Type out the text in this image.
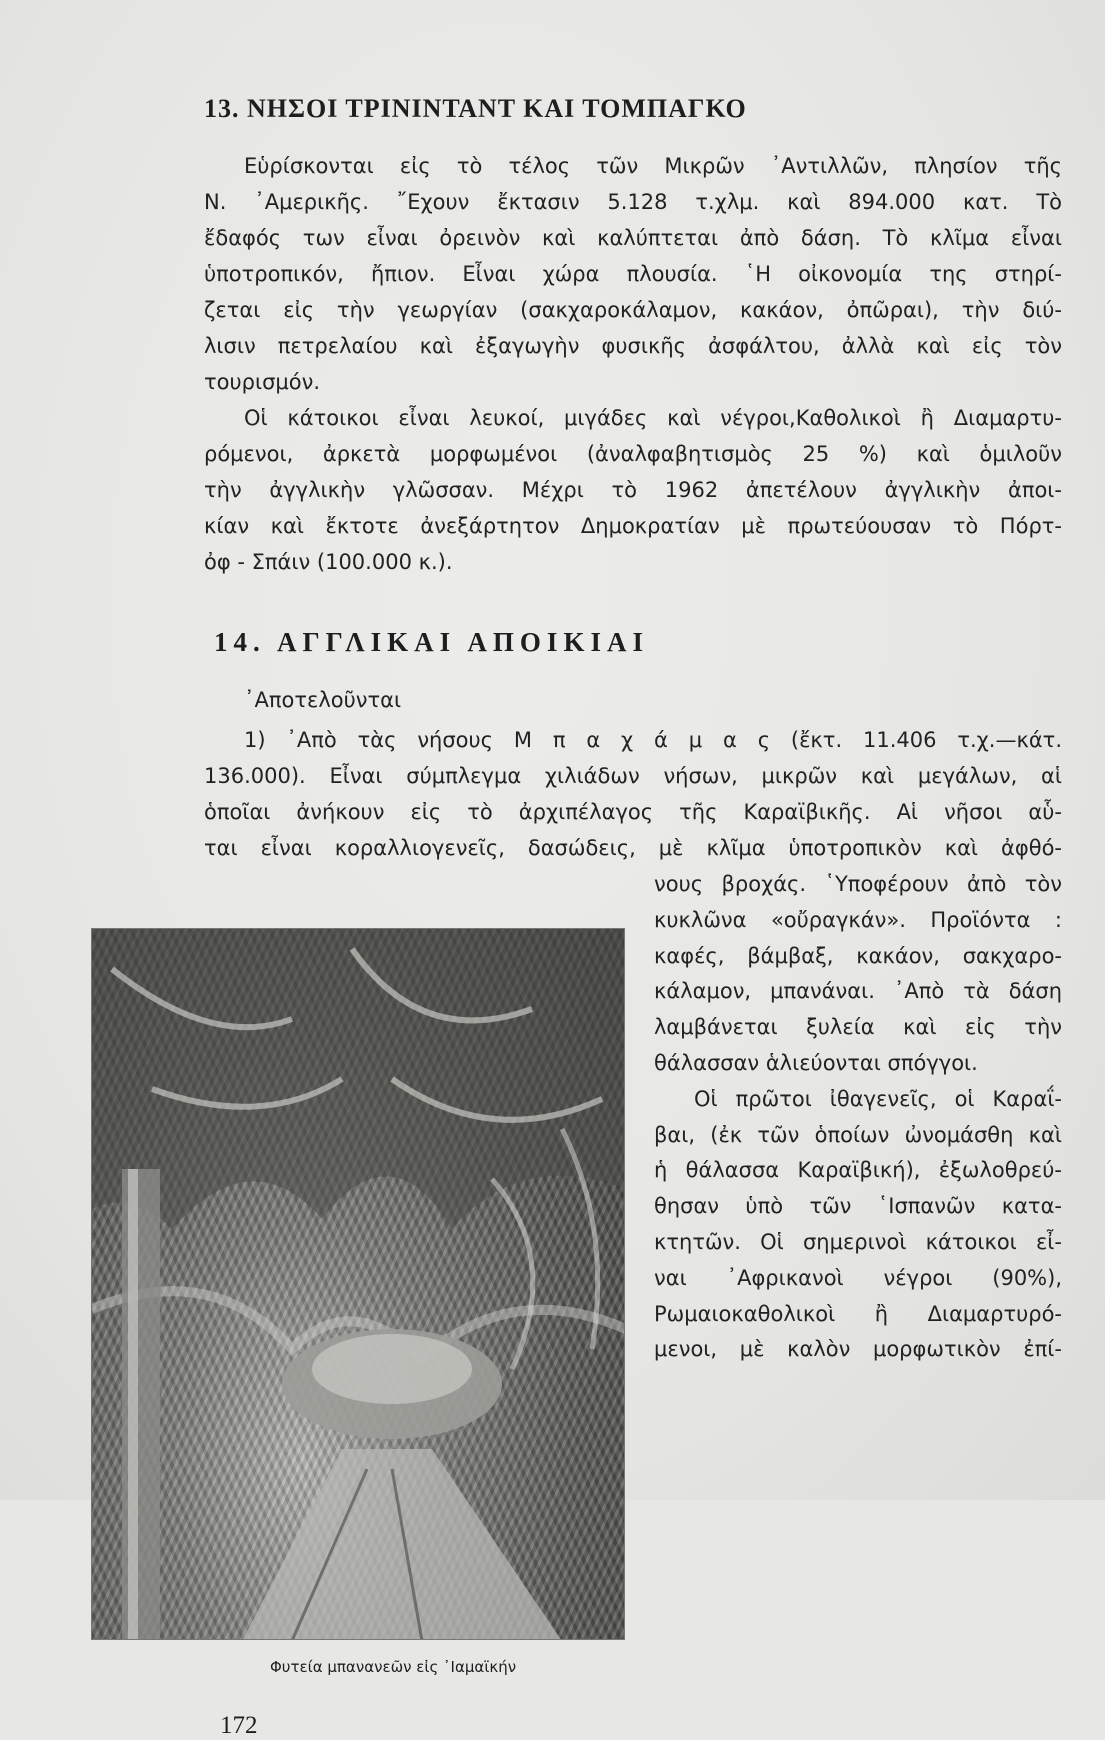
13. ΝΗΣΟΙ ΤΡΙΝΙΝΤΑΝΤ ΚΑΙ ΤΟΜΠΑΓΚΟ
Εὑρίσκονται εἰς τὸ τέλος τῶν Μικρῶν ᾿Αντιλλῶν, πλησίον τῆς
Ν. ᾿Αμερικῆς. ῎Εχουν ἔκτασιν 5.128 τ.χλμ. καὶ 894.000 κατ. Τὸ
ἔδαφός των εἶναι ὀρεινὸν καὶ καλύπτεται ἀπὸ δάση. Τὸ κλῖμα εἶναι
ὑποτροπικόν, ἤπιον. Εἶναι χώρα πλουσία. ῾Η οἰκονομία της στηρί-
ζεται εἰς τὴν γεωργίαν (σακχαροκάλαμον, κακάον, ὀπῶραι), τὴν διύ-
λισιν πετρελαίου καὶ ἐξαγωγὴν φυσικῆς ἀσφάλτου, ἀλλὰ καὶ εἰς τὸν
τουρισμόν.
Οἱ κάτοικοι εἶναι λευκοί, μιγάδες καὶ νέγροι,Καθολικοὶ ἢ Διαμαρτυ-
ρόμενοι, ἀρκετὰ μορφωμένοι (ἀναλφαβητισμὸς 25 %) καὶ ὁμιλοῦν
τὴν ἀγγλικὴν γλῶσσαν. Μέχρι τὸ 1962 ἀπετέλουν ἀγγλικὴν ἀποι-
κίαν καὶ ἔκτοτε ἀνεξάρτητον Δημοκρατίαν μὲ πρωτεύουσαν τὸ Πόρτ-
ὀφ - Σπάιν (100.000 κ.).
14. ΑΓΓΛΙΚΑΙ ΑΠΟΙΚΙΑΙ
᾿Αποτελοῦνται
1) ᾿Απὸ τὰς νήσους Μ π α χ ά μ α ς (ἔκτ. 11.406 τ.χ.—κάτ.
136.000). Εἶναι σύμπλεγμα χιλιάδων νήσων, μικρῶν καὶ μεγάλων, αἱ
ὁποῖαι ἀνήκουν εἰς τὸ ἀρχιπέλαγος τῆς Καραϊβικῆς. Αἱ νῆσοι αὗ-
ται εἶναι κοραλλιογενεῖς, δασώδεις, μὲ κλῖμα ὑποτροπικὸν καὶ ἀφθό-
νους βροχάς. ῾Υποφέρουν ἀπὸ τὸν
κυκλῶνα «οὔραγκάν». Προϊόντα :
καφές, βάμβαξ, κακάον, σακχαρο-
κάλαμον, μπανάναι. ᾿Απὸ τὰ δάση
λαμβάνεται ξυλεία καὶ εἰς τὴν
θάλασσαν ἁλιεύονται σπόγγοι.
Οἱ πρῶτοι ἰθαγενεῖς, οἱ Καραΐ-
βαι, (ἐκ τῶν ὁποίων ὠνομάσθη καὶ
ἡ θάλασσα Καραϊβική), ἐξωλοθρεύ-
θησαν ὑπὸ τῶν ῾Ισπανῶν κατα-
κτητῶν. Οἱ σημερινοὶ κάτοικοι εἶ-
ναι ᾿Αφρικανοὶ νέγροι (90%),
Ρωμαιοκαθολικοὶ ἢ Διαμαρτυρό-
μενοι, μὲ καλὸν μορφωτικὸν ἐπί-
Φυτεία μπανανεῶν εἰς ᾿Ιαμαϊκήν
172
